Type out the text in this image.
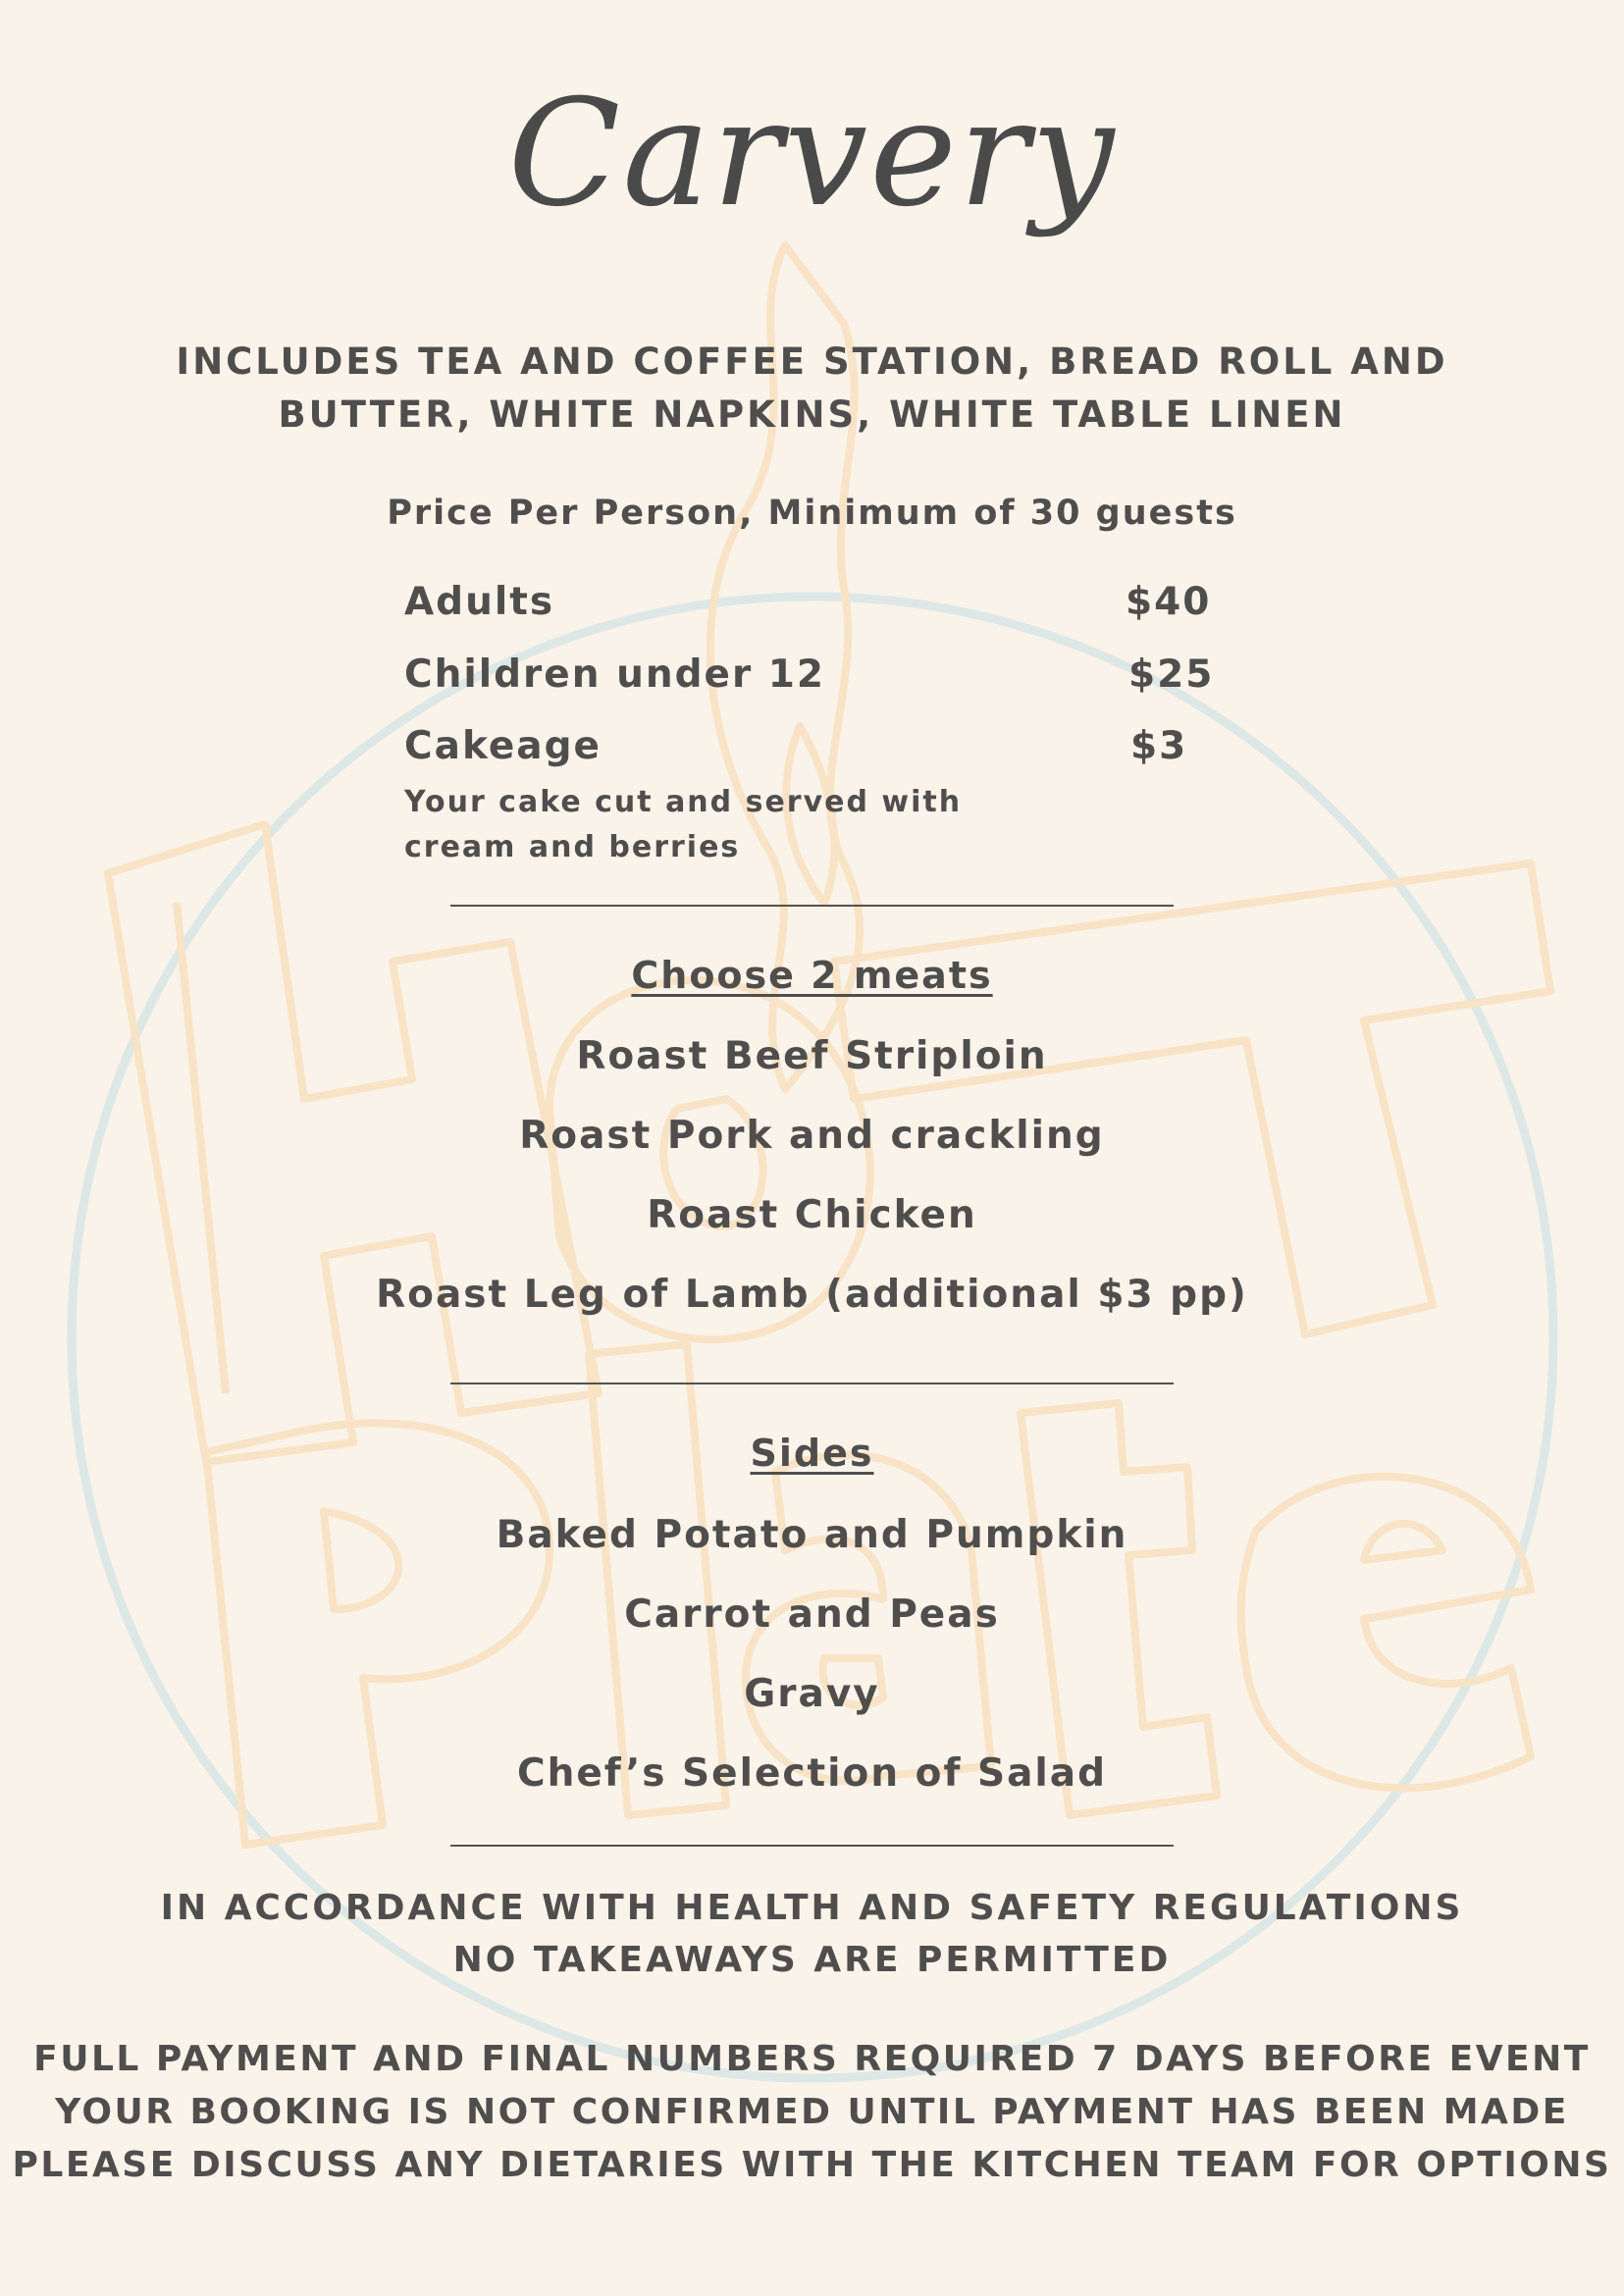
Carvery
INCLUDES TEA AND COFFEE STATION, BREAD ROLL AND
BUTTER, WHITE NAPKINS, WHITE TABLE LINEN
Price Per Person, Minimum of 30 guests
Adults	$40
Children under 12	$25
Cakeage	$3
Your cake cut and served with
cream and berries
Choose 2 meats
Roast Beef Striploin
Roast Pork and crackling
Roast Chicken
Roast Leg of Lamb (additional $3 pp)
Sides
Baked Potato and Pumpkin
Carrot and Peas
Gravy
Chef’s Selection of Salad
IN ACCORDANCE WITH HEALTH AND SAFETY REGULATIONS
NO TAKEAWAYS ARE PERMITTED
FULL PAYMENT AND FINAL NUMBERS REQUIRED 7 DAYS BEFORE EVENT
YOUR BOOKING IS NOT CONFIRMED UNTIL PAYMENT HAS BEEN MADE
PLEASE DISCUSS ANY DIETARIES WITH THE KITCHEN TEAM FOR OPTIONS
